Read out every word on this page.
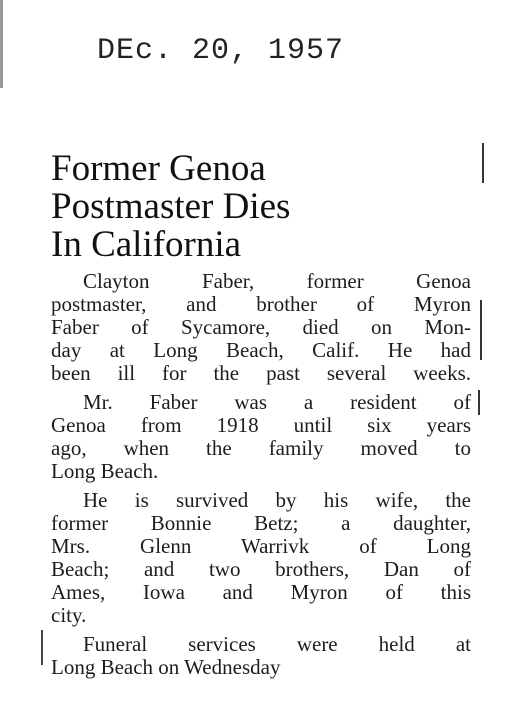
DEc. 20, 1957
Former Genoa
Postmaster Dies
In California

Clayton Faber, former Genoa
postmaster, and brother of Myron
Faber of Sycamore, died on Mon-
day at Long Beach, Calif. He had
been ill for the past several weeks.

Mr. Faber was a resident of
Genoa from 1918 until six years
ago, when the family moved to
Long Beach.

He is survived by his wife, the
former Bonnie Betz; a daughter,
Mrs. Glenn Warrivk of Long
Beach; and two brothers, Dan of
Ames, Iowa and Myron of this
city.

Funeral services were held at
Long Beach on Wednesday
